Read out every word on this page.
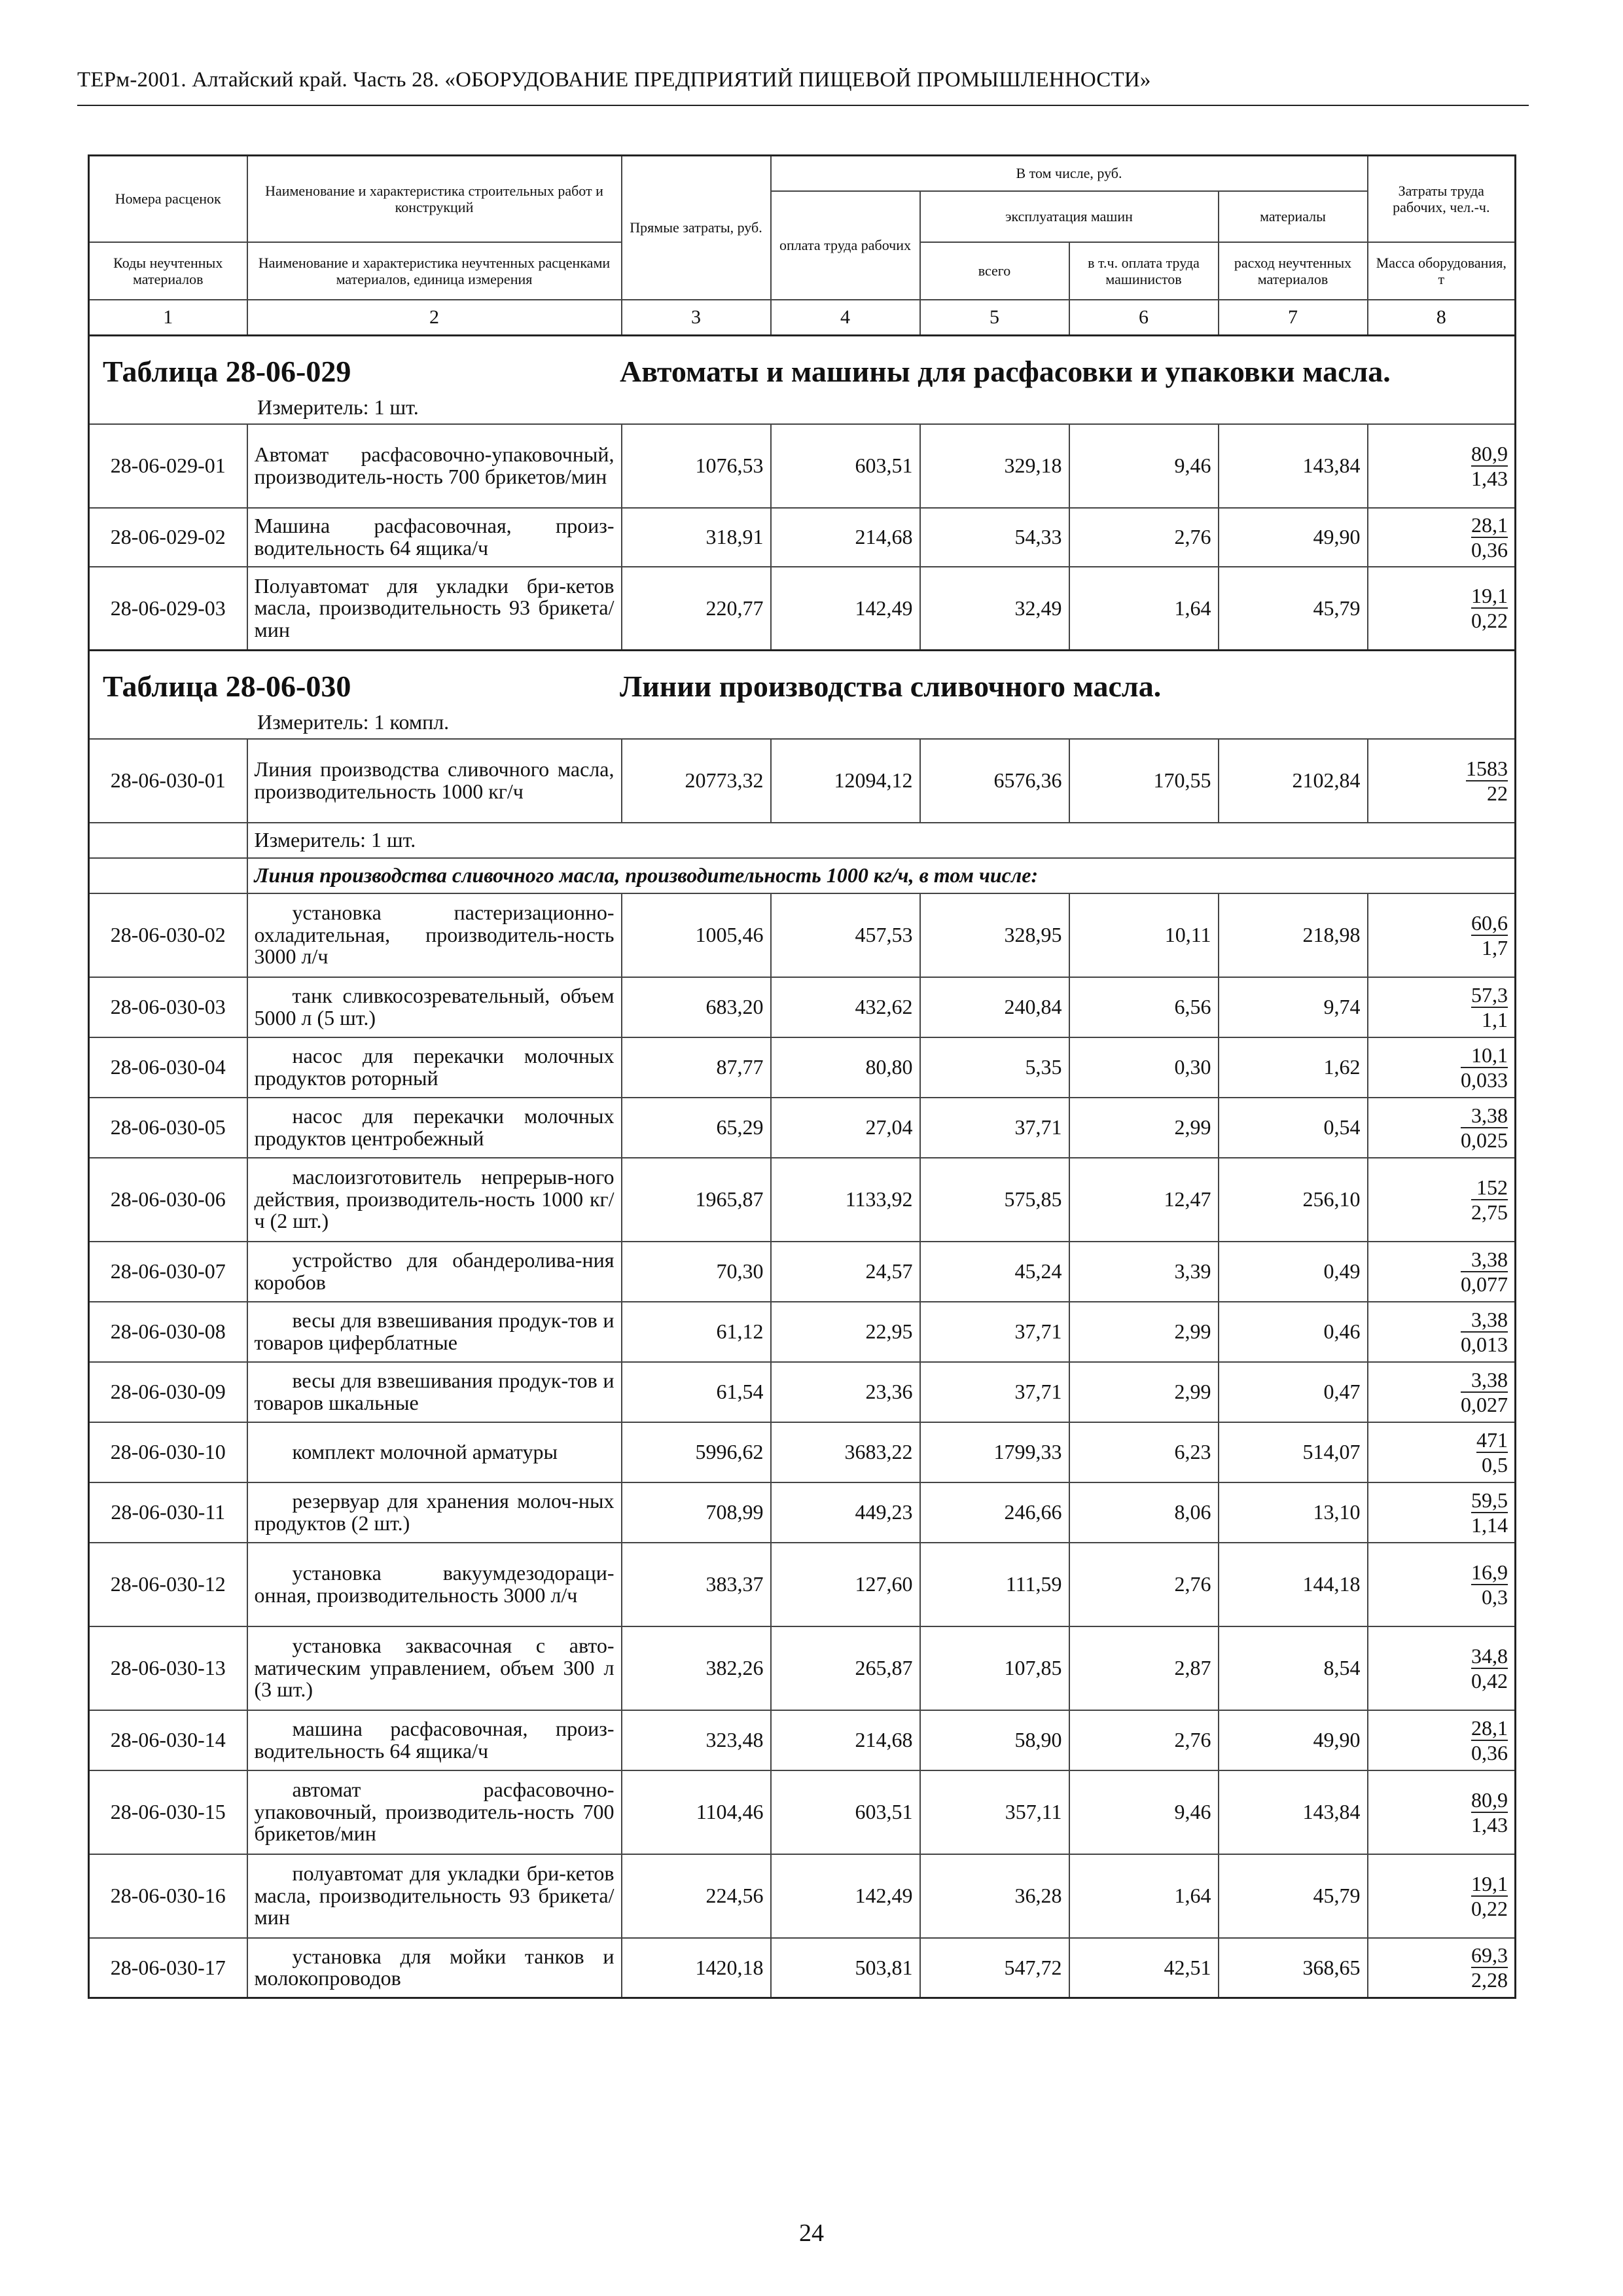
ТЕРм-2001. Алтайский край. Часть 28. «ОБОРУДОВАНИЕ ПРЕДПРИЯТИЙ ПИЩЕВОЙ ПРОМЫШЛЕННОСТИ»
Номера расценок	Наименование и характеристика строительных работ и конструкций	Прямые затраты, руб.	В том числе, руб.				Затраты труда рабочих, чел.-ч.
			оплата труда рабочих	эксплуатация машин		материалы	
Коды неучтенных материалов	Наименование и характеристика неучтенных расценками материалов, единица измерения			всего	в т.ч. оплата труда машинистов	расход неучтенных материалов	Масса оборудования, т
1	2	3	4	5	6	7	8

Таблица 28-06-029 Автоматы и машины для расфасовки и упаковки масла.							

Измеритель: 1 шт.							

28-06-029-01	Автомат расфасовочно-упаковочный, производитель-ность 700 брикетов/мин	1076,53	603,51	329,18	9,46	143,84	$\frac{80,9}{1,43}$

28-06-029-02	Машина расфасовочная, произ-водительность 64 ящика/ч	318,91	214,68	54,33	2,76	49,90	$\frac{28,1}{0,36}$

28-06-029-03	Полуавтомат для укладки бри-кетов масла, производительность 93 брикета/мин	220,77	142,49	32,49	1,64	45,79	$\frac{19,1}{0,22}$

Таблица 28-06-030 Линии производства сливочного масла.							

Измеритель: 1 компл.							

28-06-030-01	Линия производства сливочного масла, производительность 1000 кг/ч	20773,32	12094,12	6576,36	170,55	2102,84	$\frac{1583}{22}$

	Измеритель: 1 шт.						
	Линия производства сливочного масла, производительность 1000 кг/ч, в том числе:						
28-06-030-02	установка пастеризационно-охладительная, производитель-ность 3000 л/ч	1005,46	457,53	328,95	10,11	218,98	$\frac{60,6}{1,7}$

28-06-030-03	танк сливкосозревательный, объем 5000 л (5 шт.)	683,20	432,62	240,84	6,56	9,74	$\frac{57,3}{1,1}$

28-06-030-04	насос для перекачки молочных продуктов роторный	87,77	80,80	5,35	0,30	1,62	$\frac{10,1}{0,033}$

28-06-030-05	насос для перекачки молочных продуктов центробежный	65,29	27,04	37,71	2,99	0,54	$\frac{3,38}{0,025}$

28-06-030-06	маслоизготовитель непрерыв-ного действия, производитель-ность 1000 кг/ч (2 шт.)	1965,87	1133,92	575,85	12,47	256,10	$\frac{152}{2,75}$

28-06-030-07	устройство для обандеролива-ния коробов	70,30	24,57	45,24	3,39	0,49	$\frac{3,38}{0,077}$

28-06-030-08	весы для взвешивания продук-тов и товаров циферблатные	61,12	22,95	37,71	2,99	0,46	$\frac{3,38}{0,013}$

28-06-030-09	весы для взвешивания продук-тов и товаров шкальные	61,54	23,36	37,71	2,99	0,47	$\frac{3,38}{0,027}$

28-06-030-10	комплект молочной арматуры	5996,62	3683,22	1799,33	6,23	514,07	$\frac{471}{0,5}$

28-06-030-11	резервуар для хранения молоч-ных продуктов (2 шт.)	708,99	449,23	246,66	8,06	13,10	$\frac{59,5}{1,14}$

28-06-030-12	установка вакуумдезодораци-онная, производительность 3000 л/ч	383,37	127,60	111,59	2,76	144,18	$\frac{16,9}{0,3}$

28-06-030-13	установка заквасочная с авто-матическим управлением, объем 300 л (3 шт.)	382,26	265,87	107,85	2,87	8,54	$\frac{34,8}{0,42}$

28-06-030-14	машина расфасовочная, произ-водительность 64 ящика/ч	323,48	214,68	58,90	2,76	49,90	$\frac{28,1}{0,36}$

28-06-030-15	автомат расфасовочно-упаковочный, производитель-ность 700 брикетов/мин	1104,46	603,51	357,11	9,46	143,84	$\frac{80,9}{1,43}$

28-06-030-16	полуавтомат для укладки бри-кетов масла, производительность 93 брикета/мин	224,56	142,49	36,28	1,64	45,79	$\frac{19,1}{0,22}$

28-06-030-17	установка для мойки танков и молокопроводов	1420,18	503,81	547,72	42,51	368,65	$\frac{69,3}{2,28}$
24
